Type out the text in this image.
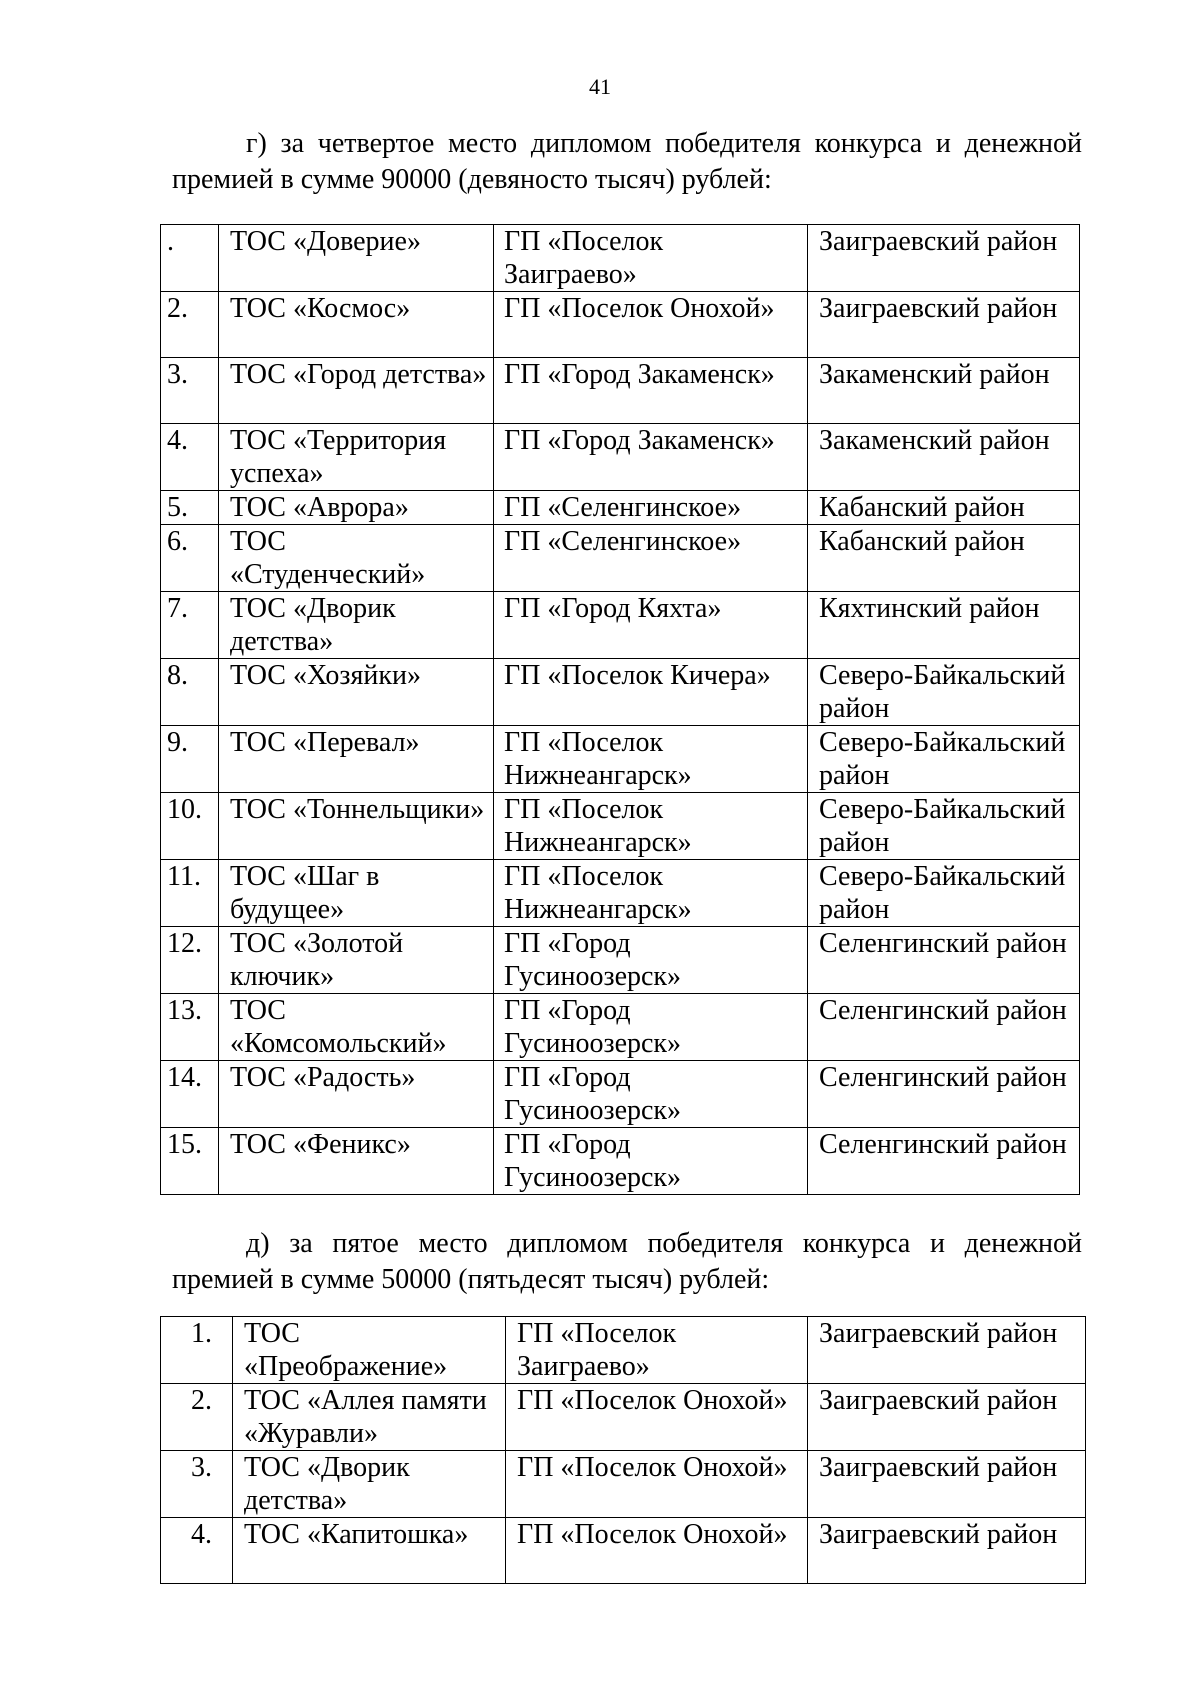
41

г) за четвертое место дипломом победителя конкурса и денежной премией в сумме 90000 (девяносто тысяч) рублей:

.	ТОС «Доверие»	ГП «Поселок Заиграево»	Заиграевский район
2.	ТОС «Космос»	ГП «Поселок Онохой»	Заиграевский район
3.	ТОС «Город детства»	ГП «Город Закаменск»	Закаменский район
4.	ТОС «Территория успеха»	ГП «Город Закаменск»	Закаменский район
5.	ТОС «Аврора»	ГП «Селенгинское»	Кабанский район
6.	ТОС «Студенческий»	ГП «Селенгинское»	Кабанский район
7.	ТОС «Дворик детства»	ГП «Город Кяхта»	Кяхтинский район
8.	ТОС «Хозяйки»	ГП «Поселок Кичера»	Северо-Байкальский район
9.	ТОС «Перевал»	ГП «Поселок Нижнеангарск»	Северо-Байкальский район
10.	ТОС «Тоннельщики»	ГП «Поселок Нижнеангарск»	Северо-Байкальский район
11.	ТОС «Шаг в будущее»	ГП «Поселок Нижнеангарск»	Северо-Байкальский район
12.	ТОС «Золотой ключик»	ГП «Город Гусиноозерск»	Селенгинский район
13.	ТОС «Комсомольский»	ГП «Город Гусиноозерск»	Селенгинский район
14.	ТОС «Радость»	ГП «Город Гусиноозерск»	Селенгинский район
15.	ТОС «Феникс»	ГП «Город Гусиноозерск»	Селенгинский район

д) за пятое место дипломом победителя конкурса и денежной премией в сумме 50000 (пятьдесят тысяч) рублей:

1.	ТОС «Преображение»	ГП «Поселок Заиграево»	Заиграевский район
2.	ТОС «Аллея памяти «Журавли»	ГП «Поселок Онохой»	Заиграевский район
3.	ТОС «Дворик детства»	ГП «Поселок Онохой»	Заиграевский район
4.	ТОС «Капитошка»	ГП «Поселок Онохой»	Заиграевский район
